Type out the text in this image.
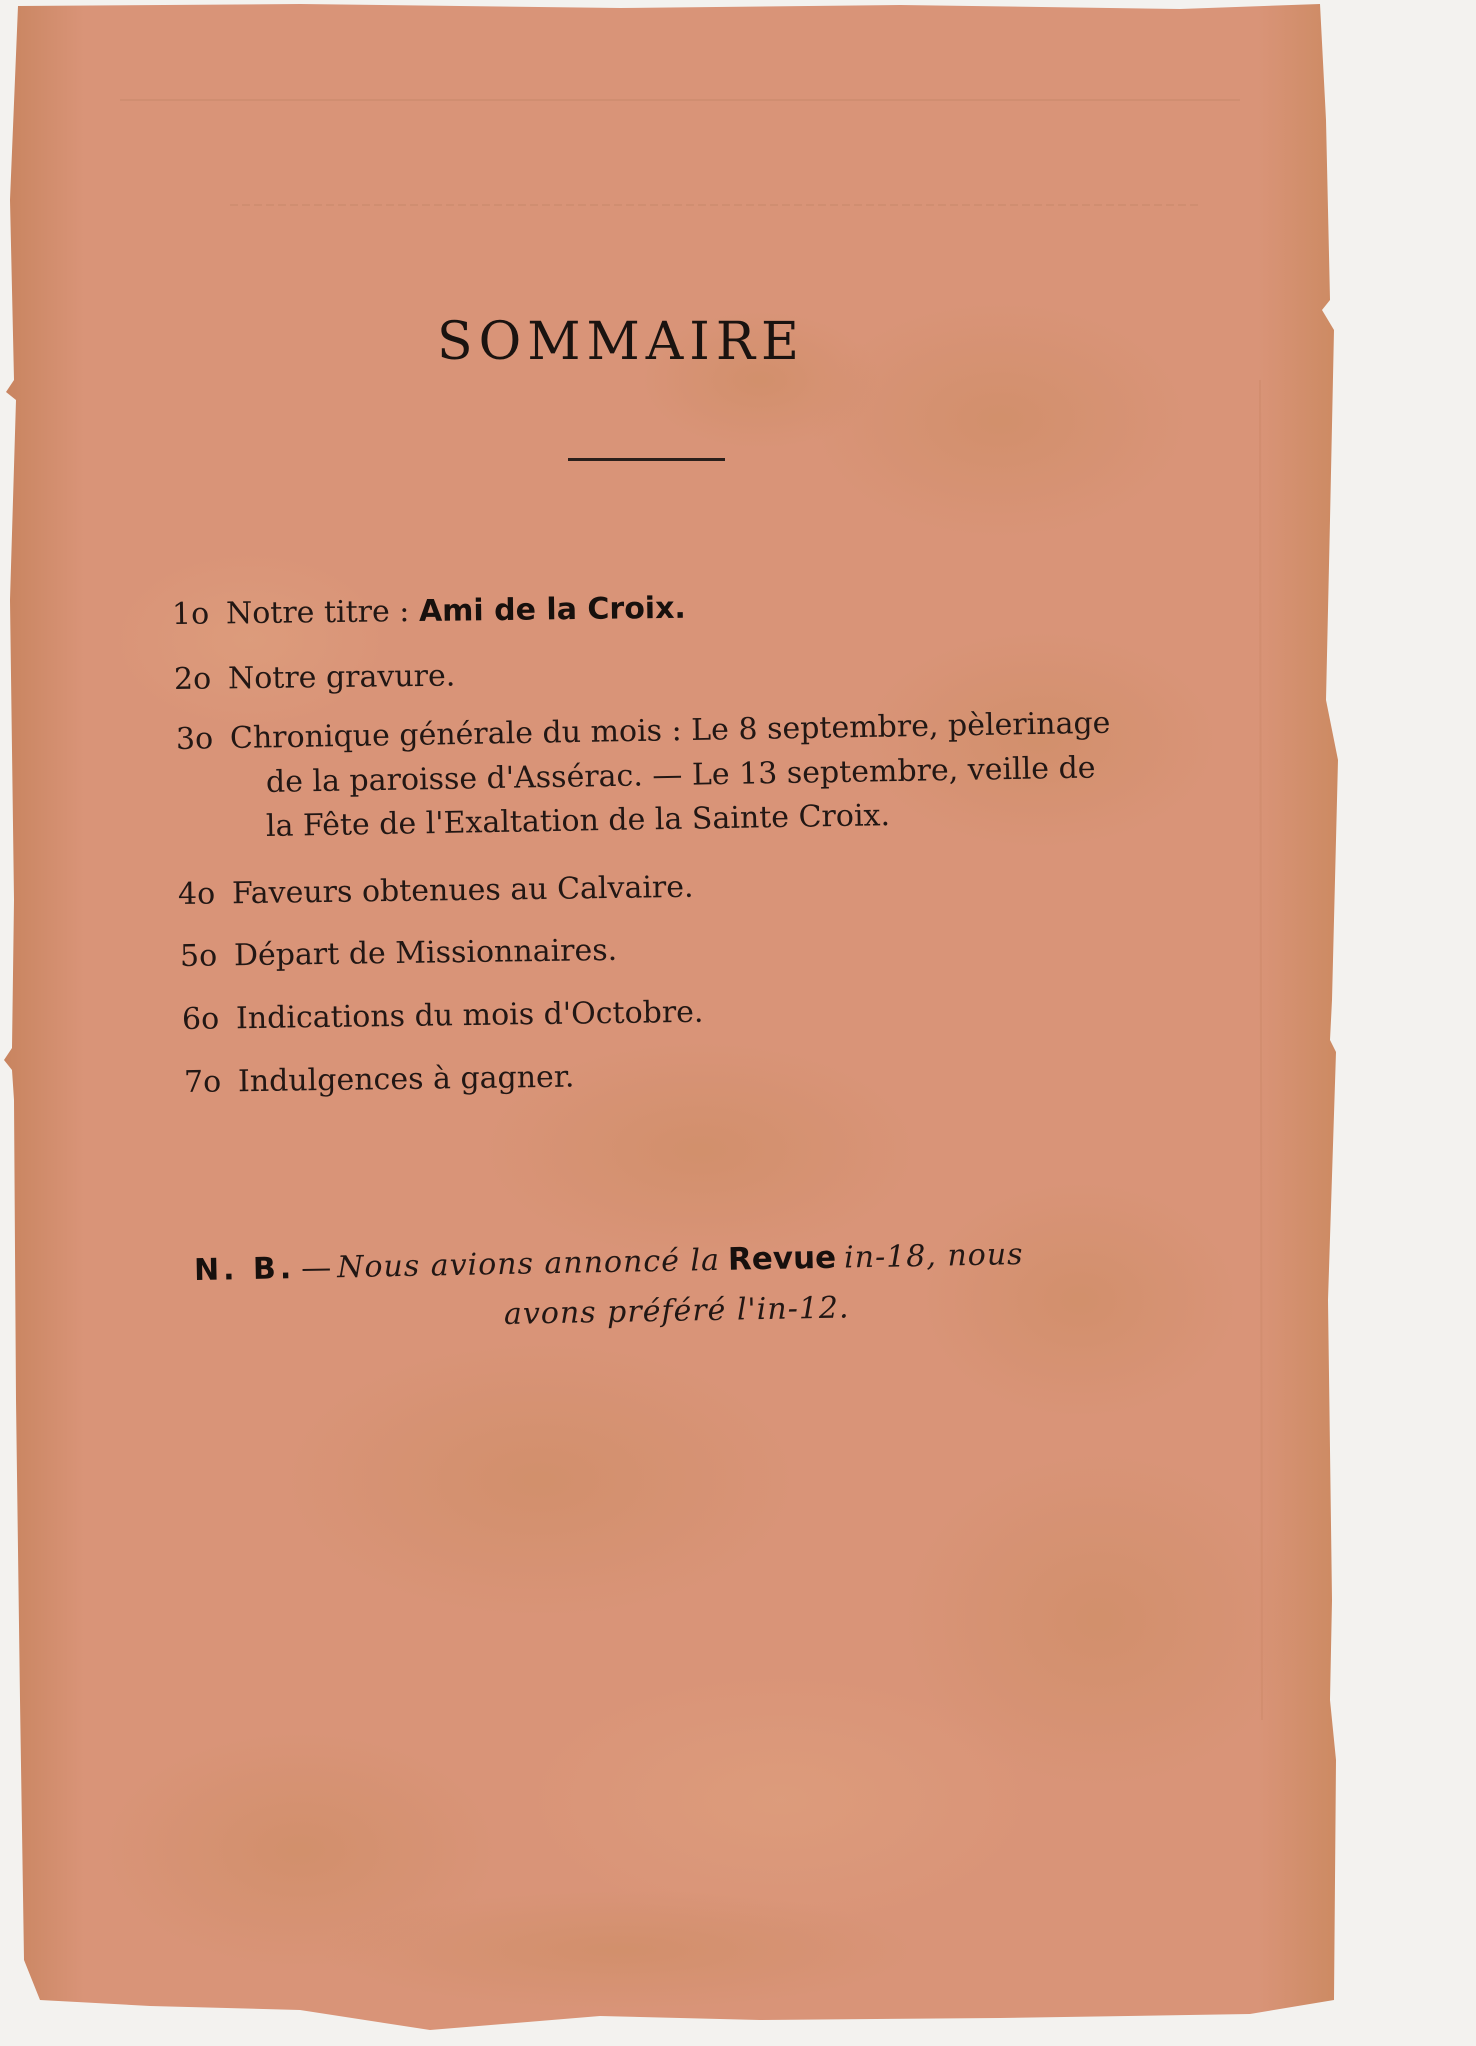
SOMMAIRE
1o Notre titre : Ami de la Croix.
2o Notre gravure.
3o Chronique générale du mois : Le 8 septembre, pèlerinage
de la paroisse d'Assérac. — Le 13 septembre, veille de
la Fête de l'Exaltation de la Sainte Croix.
4o Faveurs obtenues au Calvaire.
5o Départ de Missionnaires.
6o Indications du mois d'Octobre.
7o Indulgences à gagner.
N. B. — Nous avions annoncé la Revue in-18, nous
avons préféré l'in-12.
